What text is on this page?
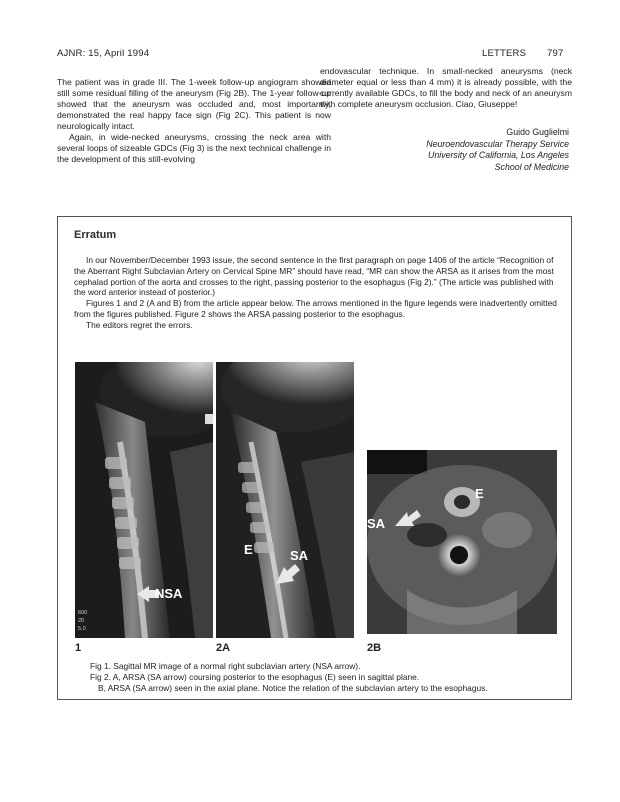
AJNR: 15, April 1994	LETTERS 797

The patient was in grade III. The 1-week follow-up angiogram showed still some residual filling of the aneurysm (Fig 2B). The 1-year follow-up showed that the aneurysm was occluded and, most importantly, demonstrated the real happy face sign (Fig 2C). This patient is now neurologically intact.

Again, in wide-necked aneurysms, crossing the neck area with several loops of sizeable GDCs (Fig 3) is the next technical challenge in the development of this still-evolving

endovascular technique. In small-necked aneurysms (neck diameter equal or less than 4 mm) it is already possible, with the currently available GDCs, to fill the body and neck of an aneurysm with complete aneurysm occlusion. Ciao, Giuseppe!

Guido Guglielmi
Neuroendovascular Therapy Service
University of California, Los Angeles
School of Medicine
Erratum

In our November/December 1993 issue, the second sentence in the first paragraph on page 1406 of the article “Recognition of the Aberrant Right Subclavian Artery on Cervical Spine MR” should have read, “MR can show the ARSA as it arises from the most cephalad portion of the aorta and crosses to the right, passing posterior to the esophagus (Fig 2).” (The article was published with the word anterior instead of posterior.)

Figures 1 and 2 (A and B) from the article appear below. The arrows mentioned in the figure legends were inadvertently omitted from the figures published. Figure 2 shows the ARSA passing posterior to the esophagus.

The editors regret the errors.

NSA
600
20
5.0
1
E	SA
2A
SA
E
2B

Fig 1. Sagittal MR image of a normal right subclavian artery (NSA arrow).

Fig 2. A, ARSA (SA arrow) coursing posterior to the esophagus (E) seen in sagittal plane.

B, ARSA (SA arrow) seen in the axial plane. Notice the relation of the subclavian artery to the esophagus.
